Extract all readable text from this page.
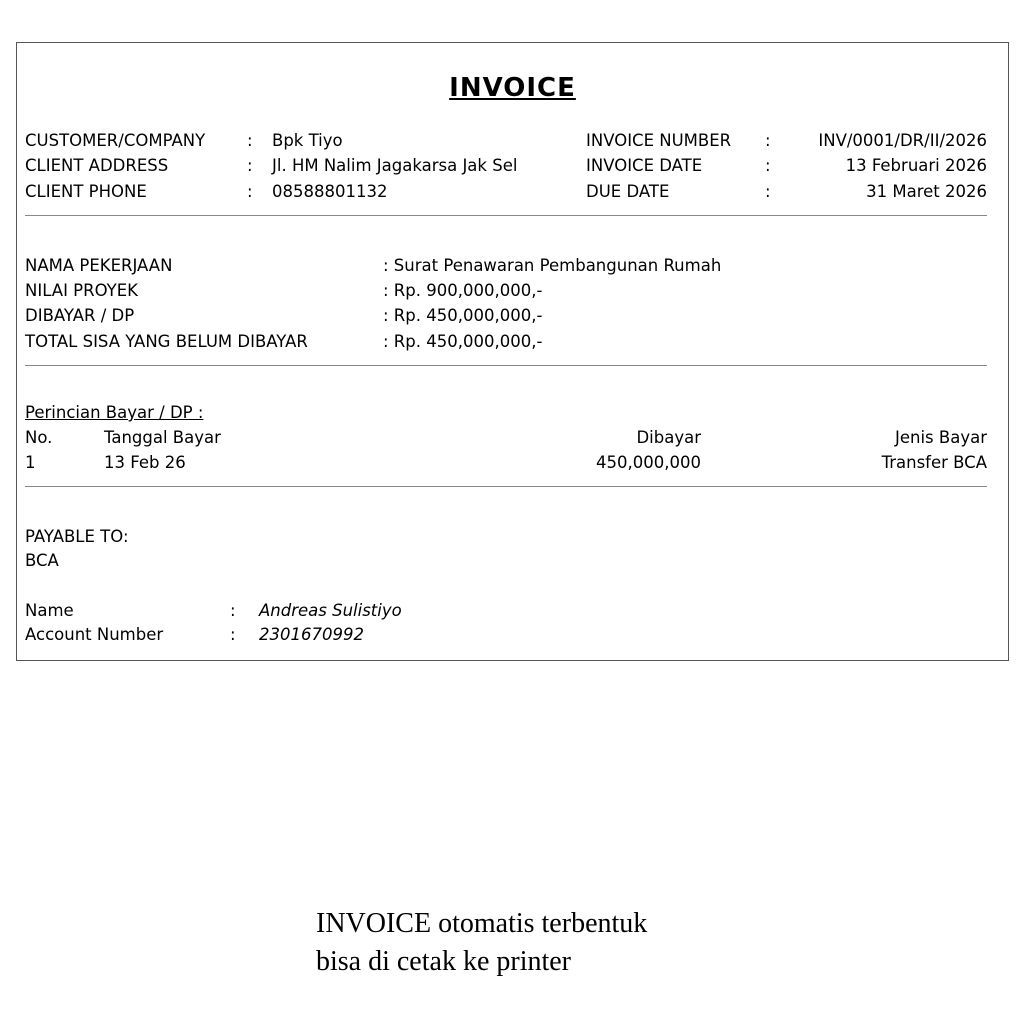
INVOICE
CUSTOMER/COMPANY	: Bpk Tiyo
CLIENT ADDRESS	: Jl. HM Nalim Jagakarsa Jak Sel
CLIENT PHONE	: 08588801132
INVOICE NUMBER :	INV/0001/DR/II/2026
INVOICE DATE	:	13 Februari 2026
DUE DATE	:	31 Maret 2026
NAMA PEKERJAAN	: Surat Penawaran Pembangunan Rumah
NILAI PROYEK	: Rp. 900,000,000,-
DIBAYAR / DP	: Rp. 450,000,000,-
TOTAL SISA YANG BELUM DIBAYAR	: Rp. 450,000,000,-
Perincian Bayar / DP :
No.	Tanggal Bayar	Dibayar	Jenis Bayar
1	13 Feb 26	450,000,000	Transfer BCA
PAYABLE TO:
BCA
Name	: Andreas Sulistiyo
Account Number	: 2301670992
INVOICE otomatis terbentuk
bisa di cetak ke printer
